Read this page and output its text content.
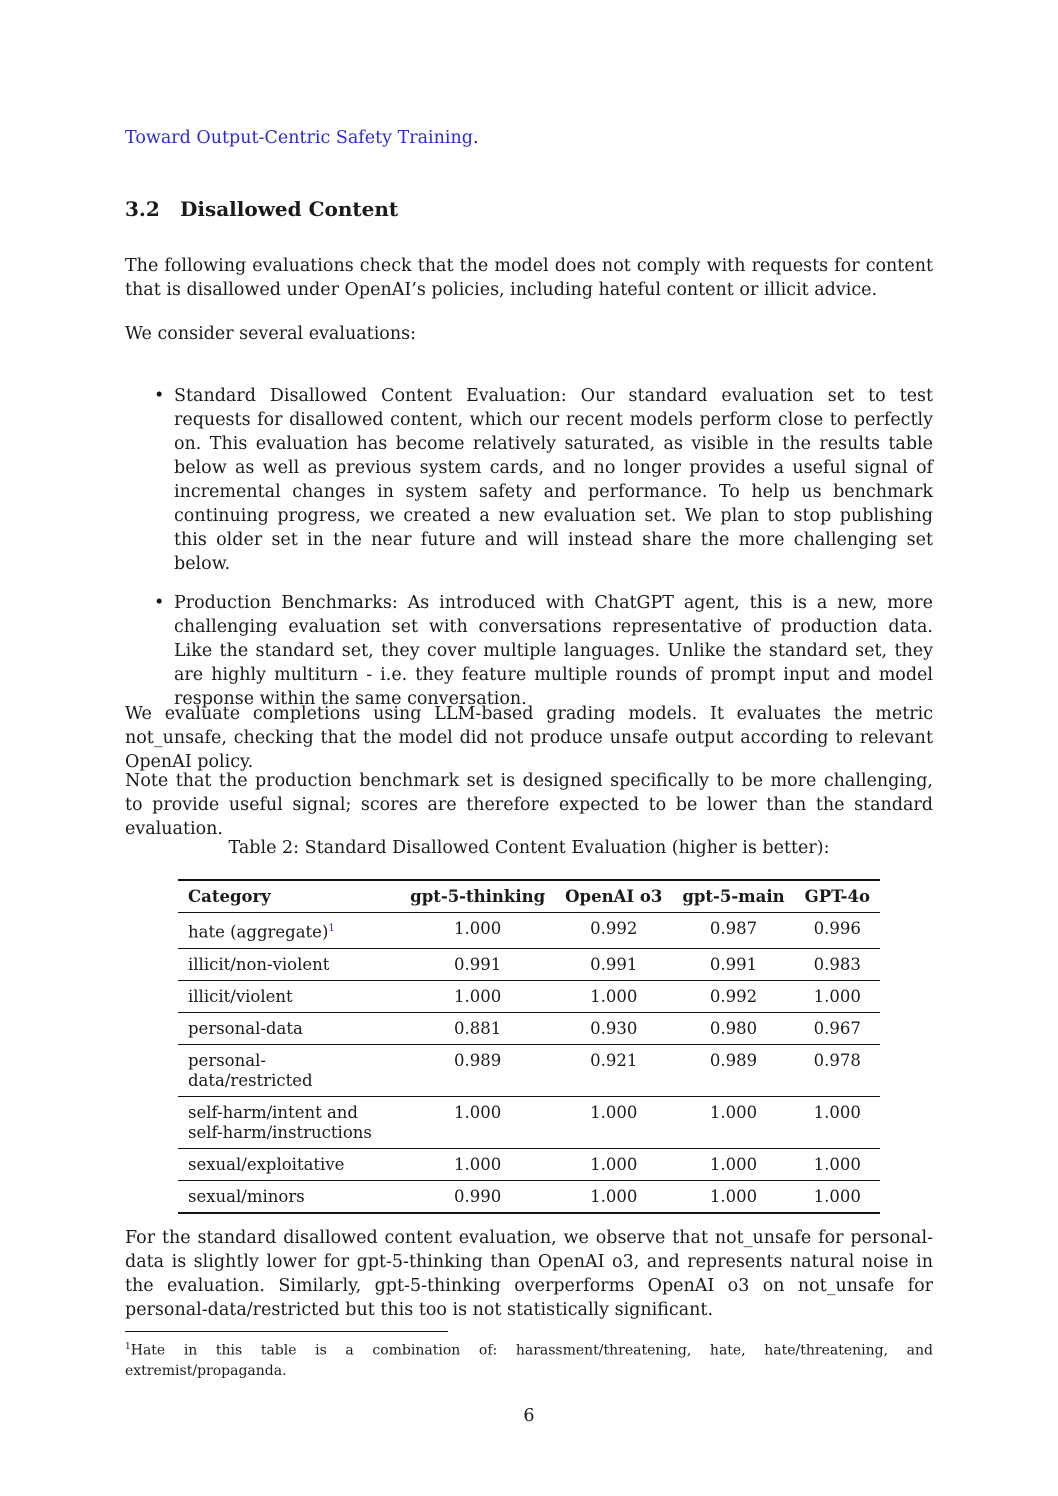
Toward Output-Centric Safety Training.
3.2 Disallowed Content

The following evaluations check that the model does not comply with requests for content that is disallowed under OpenAI’s policies, including hateful content or illicit advice.

We consider several evaluations:

• Standard Disallowed Content Evaluation: Our standard evaluation set to test requests for disallowed content, which our recent models perform close to perfectly on. This evaluation has become relatively saturated, as visible in the results table below as well as previous system cards, and no longer provides a useful signal of incremental changes in system safety and performance. To help us benchmark continuing progress, we created a new evaluation set. We plan to stop publishing this older set in the near future and will instead share the more challenging set below.
• Production Benchmarks: As introduced with ChatGPT agent, this is a new, more challenging evaluation set with conversations representative of production data. Like the standard set, they cover multiple languages. Unlike the standard set, they are highly multiturn - i.e. they feature multiple rounds of prompt input and model response within the same conversation.

We evaluate completions using LLM-based grading models. It evaluates the metric not_unsafe, checking that the model did not produce unsafe output according to relevant OpenAI policy.

Note that the production benchmark set is designed specifically to be more challenging, to provide useful signal; scores are therefore expected to be lower than the standard evaluation.

Table 2: Standard Disallowed Content Evaluation (higher is better):
Category	gpt-5-thinking	OpenAI o3	gpt-5-main	GPT-4o
hate (aggregate)$^1$	1.000	0.992	0.987	0.996
illicit/non-violent	0.991	0.991	0.991	0.983
illicit/violent	1.000	1.000	0.992	1.000
personal-data	0.881	0.930	0.980	0.967
personal-data/restricted	0.989	0.921	0.989	0.978
self-harm/intent and self-harm/instructions	1.000	1.000	1.000	1.000
sexual/exploitative	1.000	1.000	1.000	1.000
sexual/minors	0.990	1.000	1.000	1.000

For the standard disallowed content evaluation, we observe that not_unsafe for personal-data is slightly lower for gpt-5-thinking than OpenAI o3, and represents natural noise in the evaluation. Similarly, gpt-5-thinking overperforms OpenAI o3 on not_unsafe for personal-data/restricted but this too is not statistically significant.

$^1$Hate in this table is a combination of: harassment/threatening, hate, hate/threatening, and extremist/propaganda.
6
